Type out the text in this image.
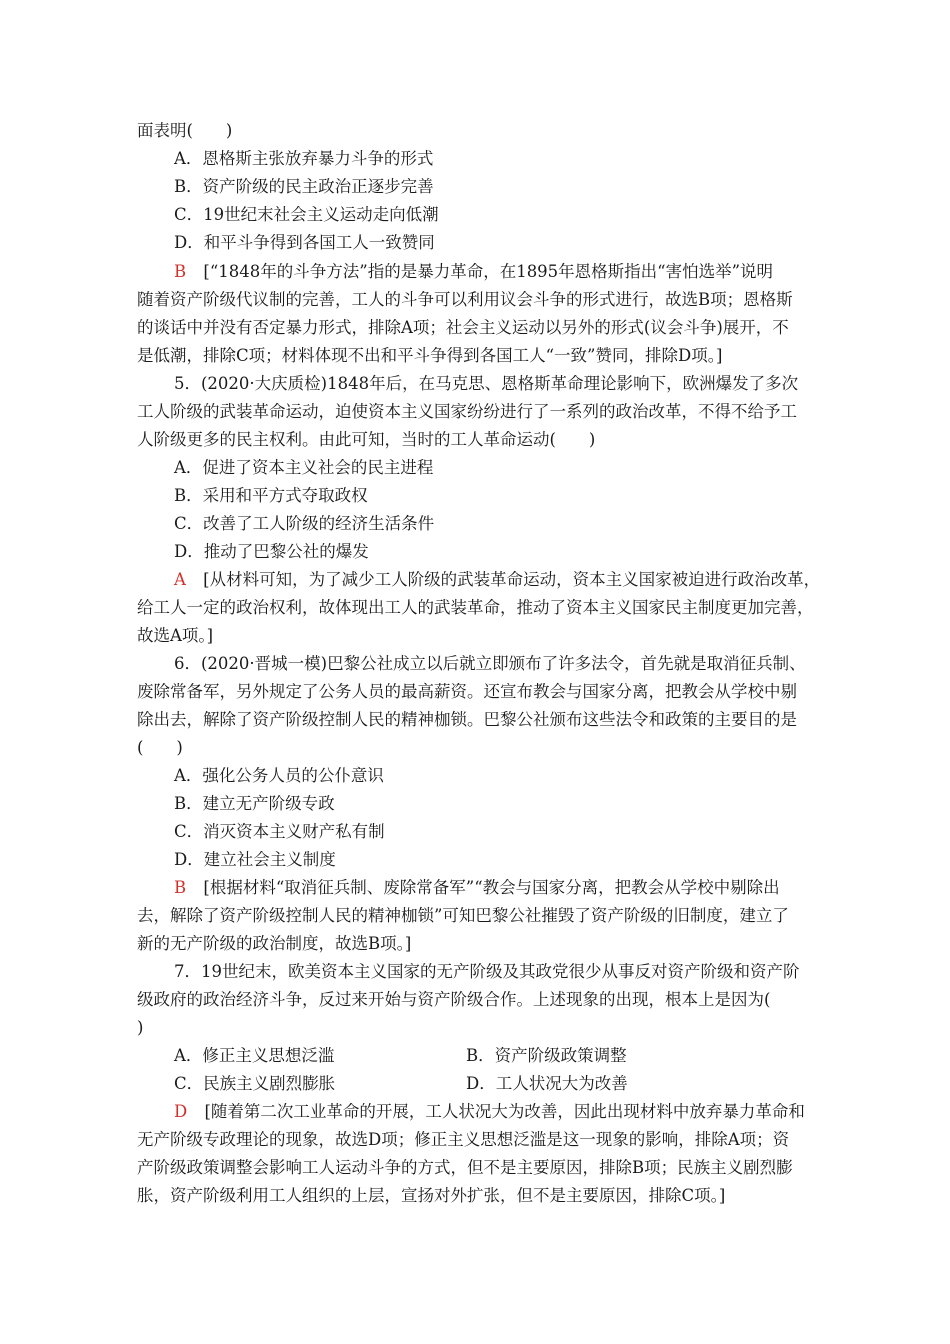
面表明(　　)
A．恩格斯主张放弃暴力斗争的形式
B．资产阶级的民主政治正逐步完善
C．19世纪末社会主义运动走向低潮
D．和平斗争得到各国工人一致赞同
B [“1848年的斗争方法”指的是暴力革命，在1895年恩格斯指出“害怕选举”说明
随着资产阶级代议制的完善，工人的斗争可以利用议会斗争的形式进行，故选B项；恩格斯
的谈话中并没有否定暴力形式，排除A项；社会主义运动以另外的形式(议会斗争)展开，不
是低潮，排除C项；材料体现不出和平斗争得到各国工人“一致”赞同，排除D项。]
5．(2020·大庆质检)1848年后，在马克思、恩格斯革命理论影响下，欧洲爆发了多次
工人阶级的武装革命运动，迫使资本主义国家纷纷进行了一系列的政治改革，不得不给予工
人阶级更多的民主权利。由此可知，当时的工人革命运动(　　)
A．促进了资本主义社会的民主进程
B．采用和平方式夺取政权
C．改善了工人阶级的经济生活条件
D．推动了巴黎公社的爆发
A [从材料可知，为了减少工人阶级的武装革命运动，资本主义国家被迫进行政治改革，
给工人一定的政治权利，故体现出工人的武装革命，推动了资本主义国家民主制度更加完善，
故选A项。]
6．(2020·晋城一模)巴黎公社成立以后就立即颁布了许多法令，首先就是取消征兵制、
废除常备军，另外规定了公务人员的最高薪资。还宣布教会与国家分离，把教会从学校中剔
除出去，解除了资产阶级控制人民的精神枷锁。巴黎公社颁布这些法令和政策的主要目的是
(　　)
A．强化公务人员的公仆意识
B．建立无产阶级专政
C．消灭资本主义财产私有制
D．建立社会主义制度
B [根据材料“取消征兵制、废除常备军”“教会与国家分离，把教会从学校中剔除出
去，解除了资产阶级控制人民的精神枷锁”可知巴黎公社摧毁了资产阶级的旧制度，建立了
新的无产阶级的政治制度，故选B项。]
7．19世纪末，欧美资本主义国家的无产阶级及其政党很少从事反对资产阶级和资产阶
级政府的政治经济斗争，反过来开始与资产阶级合作。上述现象的出现，根本上是因为(
)
A．修正主义思想泛滥	B．资产阶级政策调整
C．民族主义剧烈膨胀	D．工人状况大为改善
D [随着第二次工业革命的开展，工人状况大为改善，因此出现材料中放弃暴力革命和
无产阶级专政理论的现象，故选D项；修正主义思想泛滥是这一现象的影响，排除A项；资
产阶级政策调整会影响工人运动斗争的方式，但不是主要原因，排除B项；民族主义剧烈膨
胀，资产阶级利用工人组织的上层，宣扬对外扩张，但不是主要原因，排除C项。]
